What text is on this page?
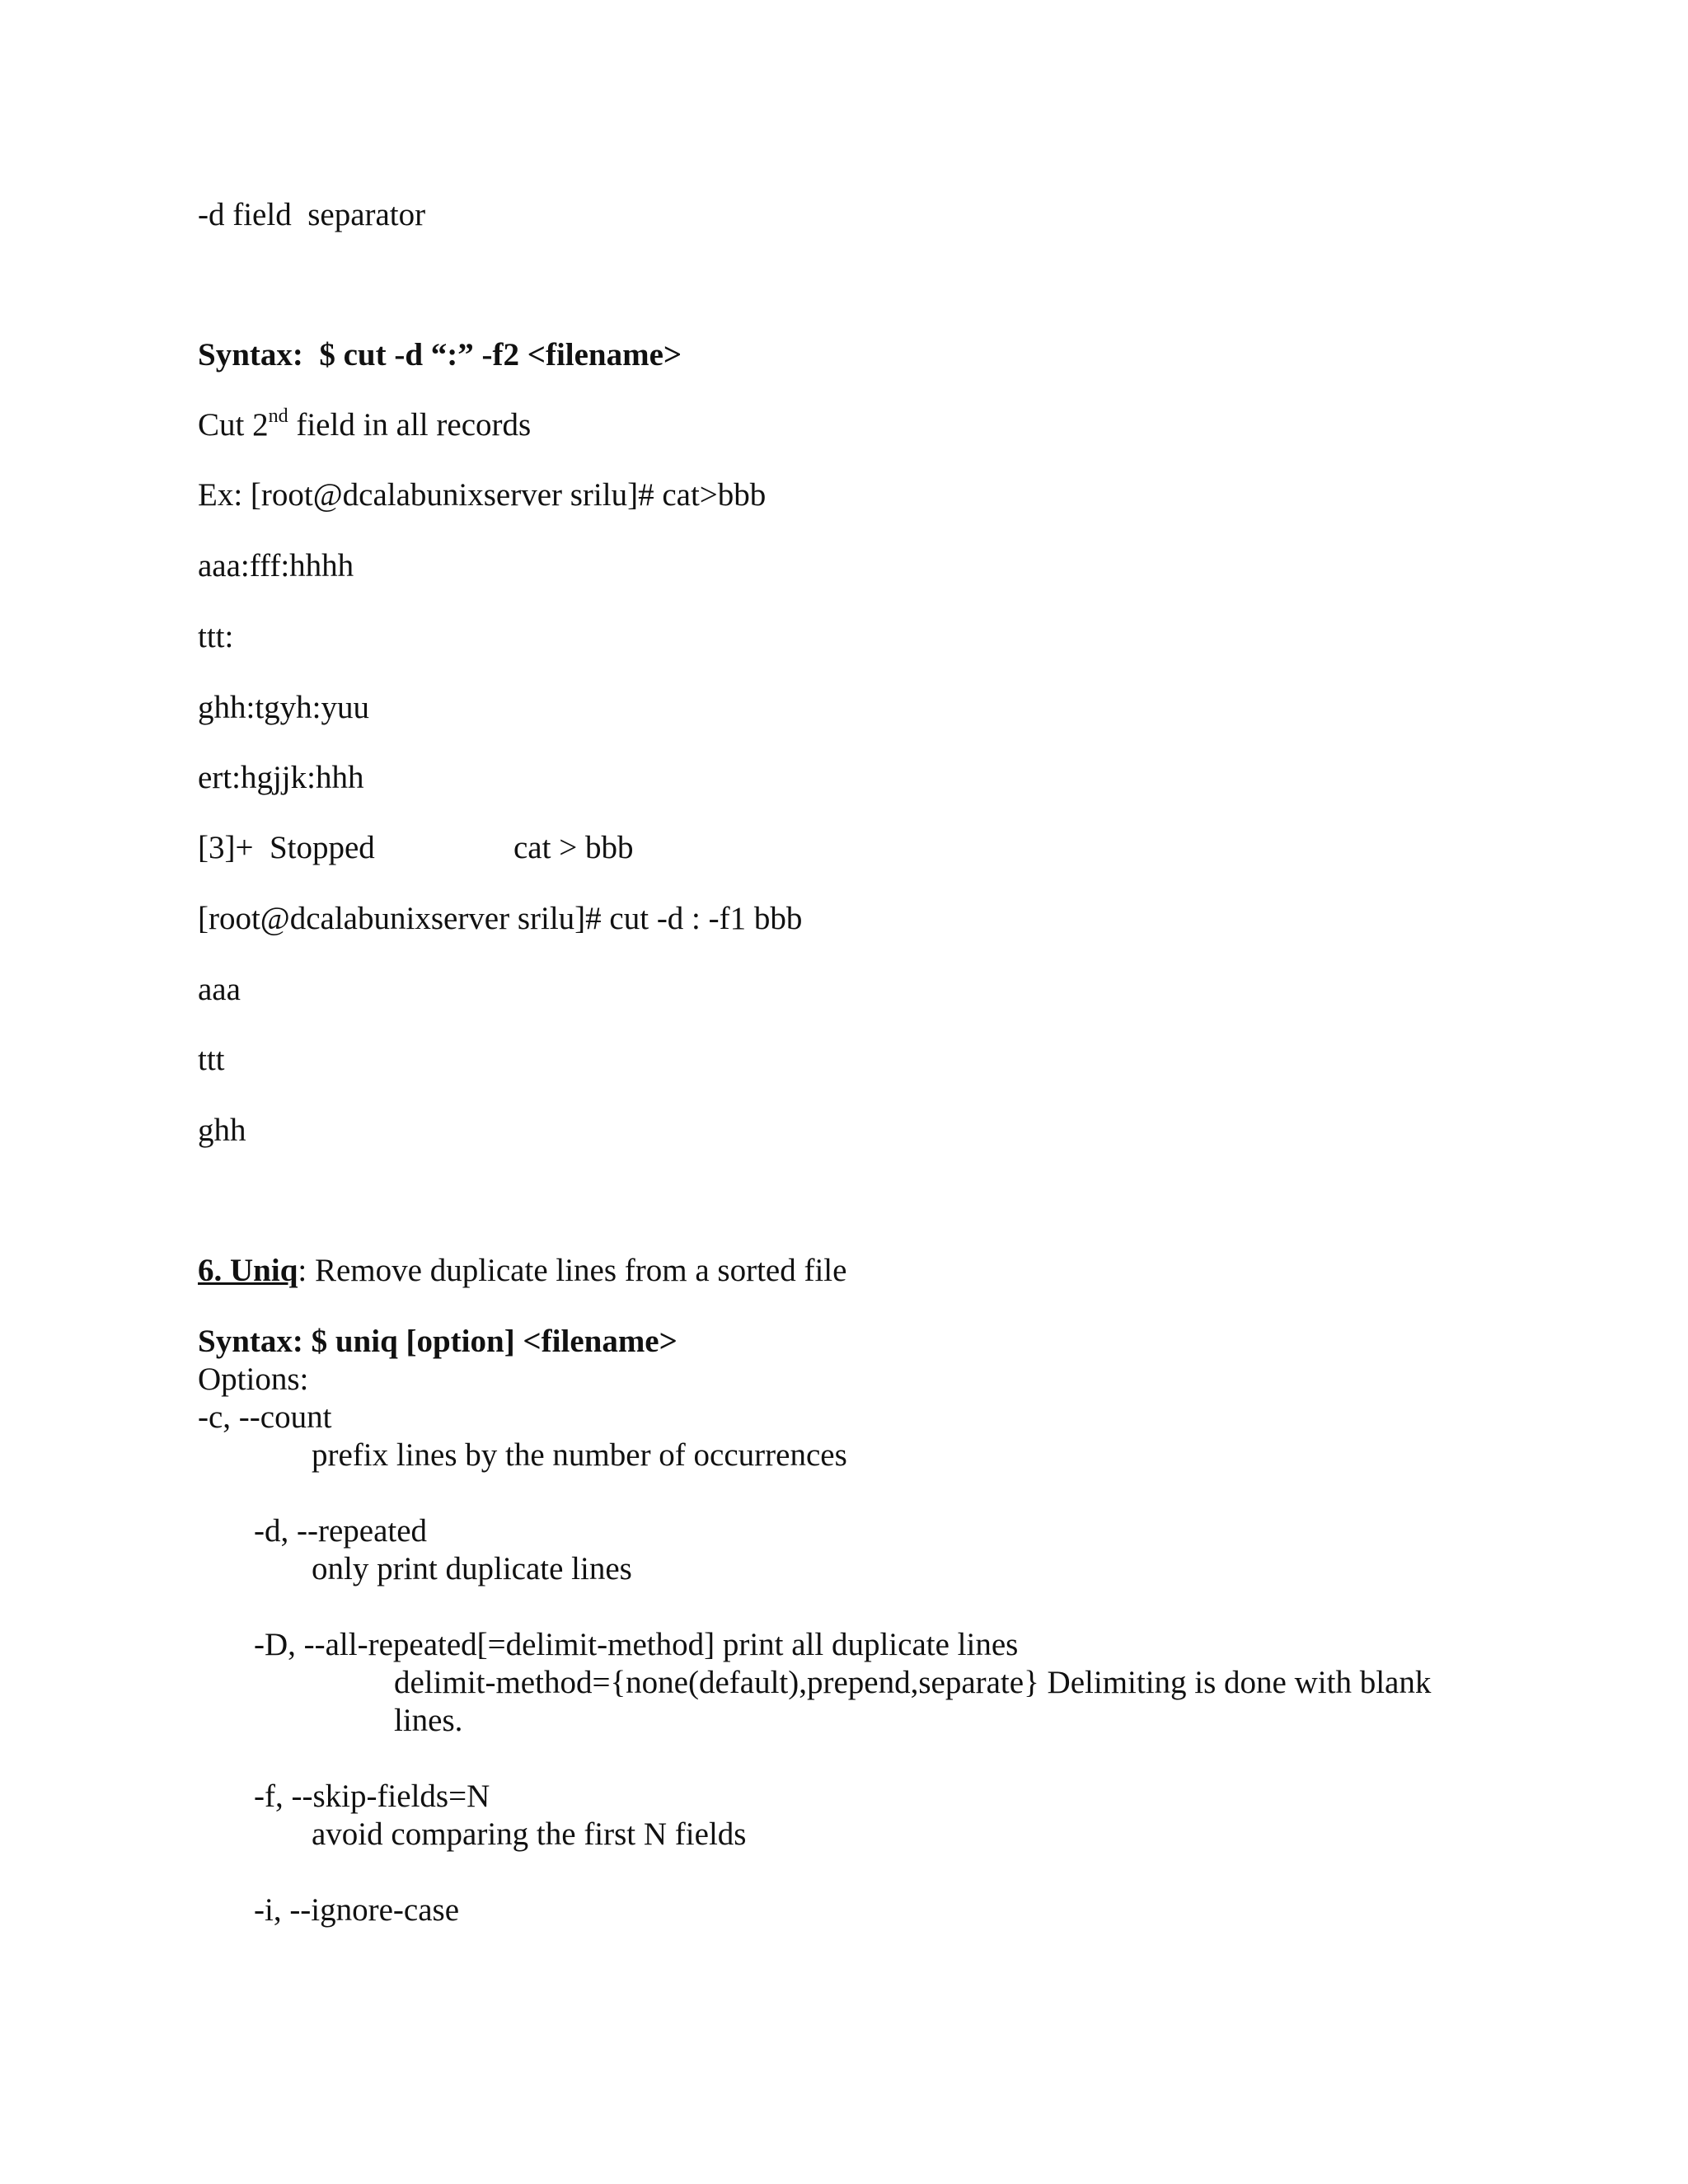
-d field  separator

Syntax:  $ cut -d “:” -f2 <filename>

Cut 2nd field in all records

Ex: [root@dcalabunixserver srilu]# cat>bbb

aaa:fff:hhhh

ttt:

ghh:tgyh:yuu

ert:hgjjk:hhh

[3]+  Stopped	cat > bbb

[root@dcalabunixserver srilu]# cut -d : -f1 bbb

aaa

ttt

ghh

6. Uniq: Remove duplicate lines from a sorted file

Syntax: $ uniq [option] <filename>

Options:

-c, --count

prefix lines by the number of occurrences

-d, --repeated

only print duplicate lines

-D, --all-repeated[=delimit-method] print all duplicate lines

delimit-method={none(default),prepend,separate} Delimiting is done with blank

lines.

-f, --skip-fields=N

avoid comparing the first N fields

-i, --ignore-case
